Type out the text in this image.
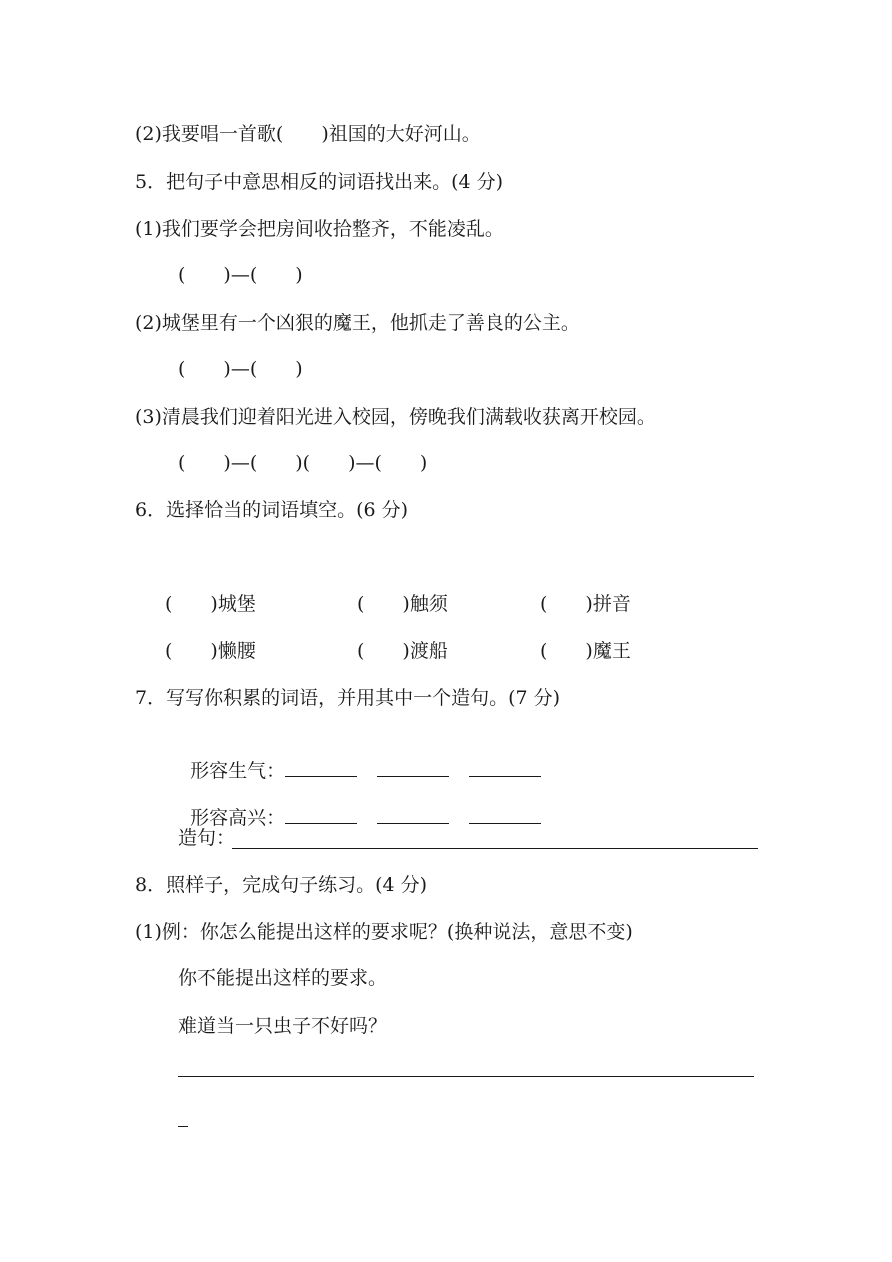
(2)我要唱一首歌(　　)祖国的大好河山。
5．把句子中意思相反的词语找出来。(4 分)
(1)我们要学会把房间收拾整齐，不能凌乱。
(　　)—(　　)
(2)城堡里有一个凶狠的魔王，他抓走了善良的公主。
(　　)—(　　)
(3)清晨我们迎着阳光进入校园，傍晚我们满载收获离开校园。
(　　)—(　　)(　　)—(　　)
6．选择恰当的词语填空。(6 分)
(　　)城堡	(　　)触须	(　　)拼音
(　　)懒腰	(　　)渡船	(　　)魔王
7．写写你积累的词语，并用其中一个造句。(7 分)

形容生气：

形容高兴：

造句：
8．照样子，完成句子练习。(4 分)
(1)例：你怎么能提出这样的要求呢？(换种说法，意思不变)
你不能提出这样的要求。
难道当一只虫子不好吗？
